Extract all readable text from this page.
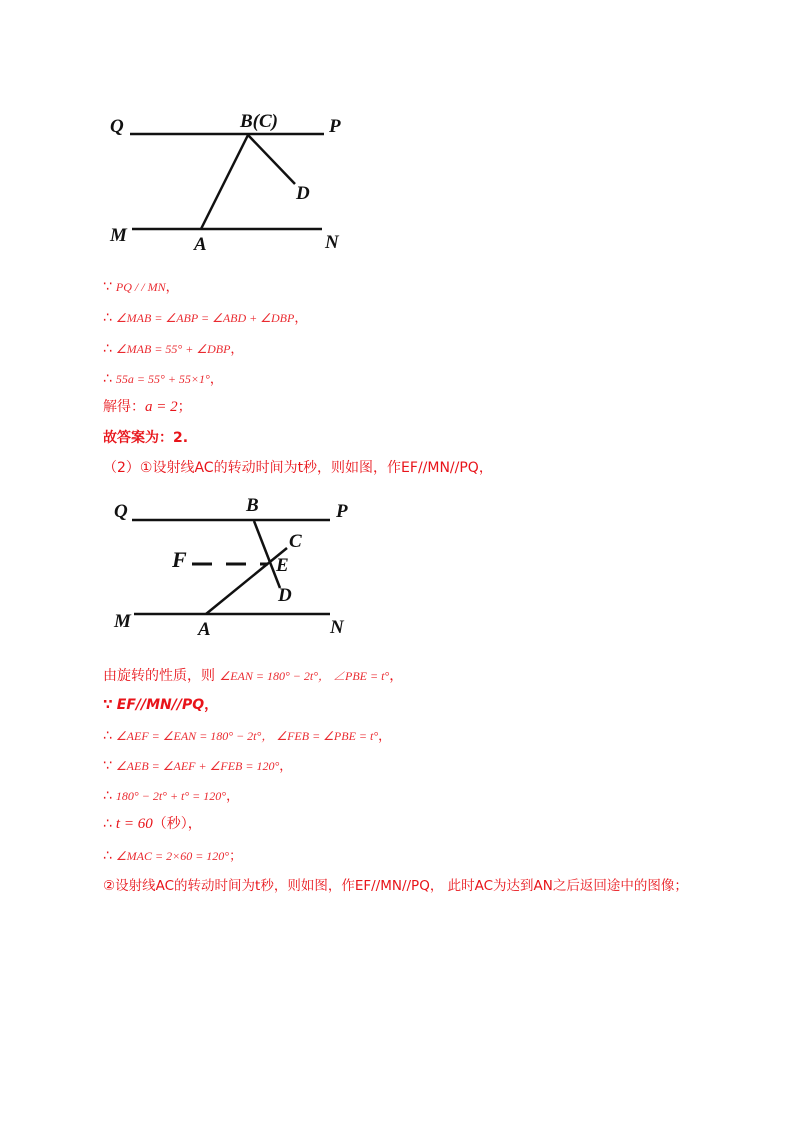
Q	B(C)	P
D
M	A	N
∵ PQ / / MN，
∴ ∠MAB = ∠ABP = ∠ABD + ∠DBP，
∴ ∠MAB = 55° + ∠DBP，
∴ 55a = 55° + 55×1°，
解得：a = 2；
故答案为：2.
（2）①设射线AC的转动时间为t秒，则如图，作EF//MN//PQ，
Q	B	P
C
F	E
D
M	A	N
由旋转的性质，则 ∠EAN = 180° − 2t°， ∠PBE = t°，
∵ EF//MN//PQ，
∴ ∠AEF = ∠EAN = 180° − 2t°， ∠FEB = ∠PBE = t°，
∵ ∠AEB = ∠AEF + ∠FEB = 120°，
∴ 180° − 2t° + t° = 120°，
∴ t = 60（秒），
∴ ∠MAC = 2×60 = 120°；
②设射线AC的转动时间为t秒，则如图，作EF//MN//PQ， 此时AC为达到AN之后返回途中的图像；
